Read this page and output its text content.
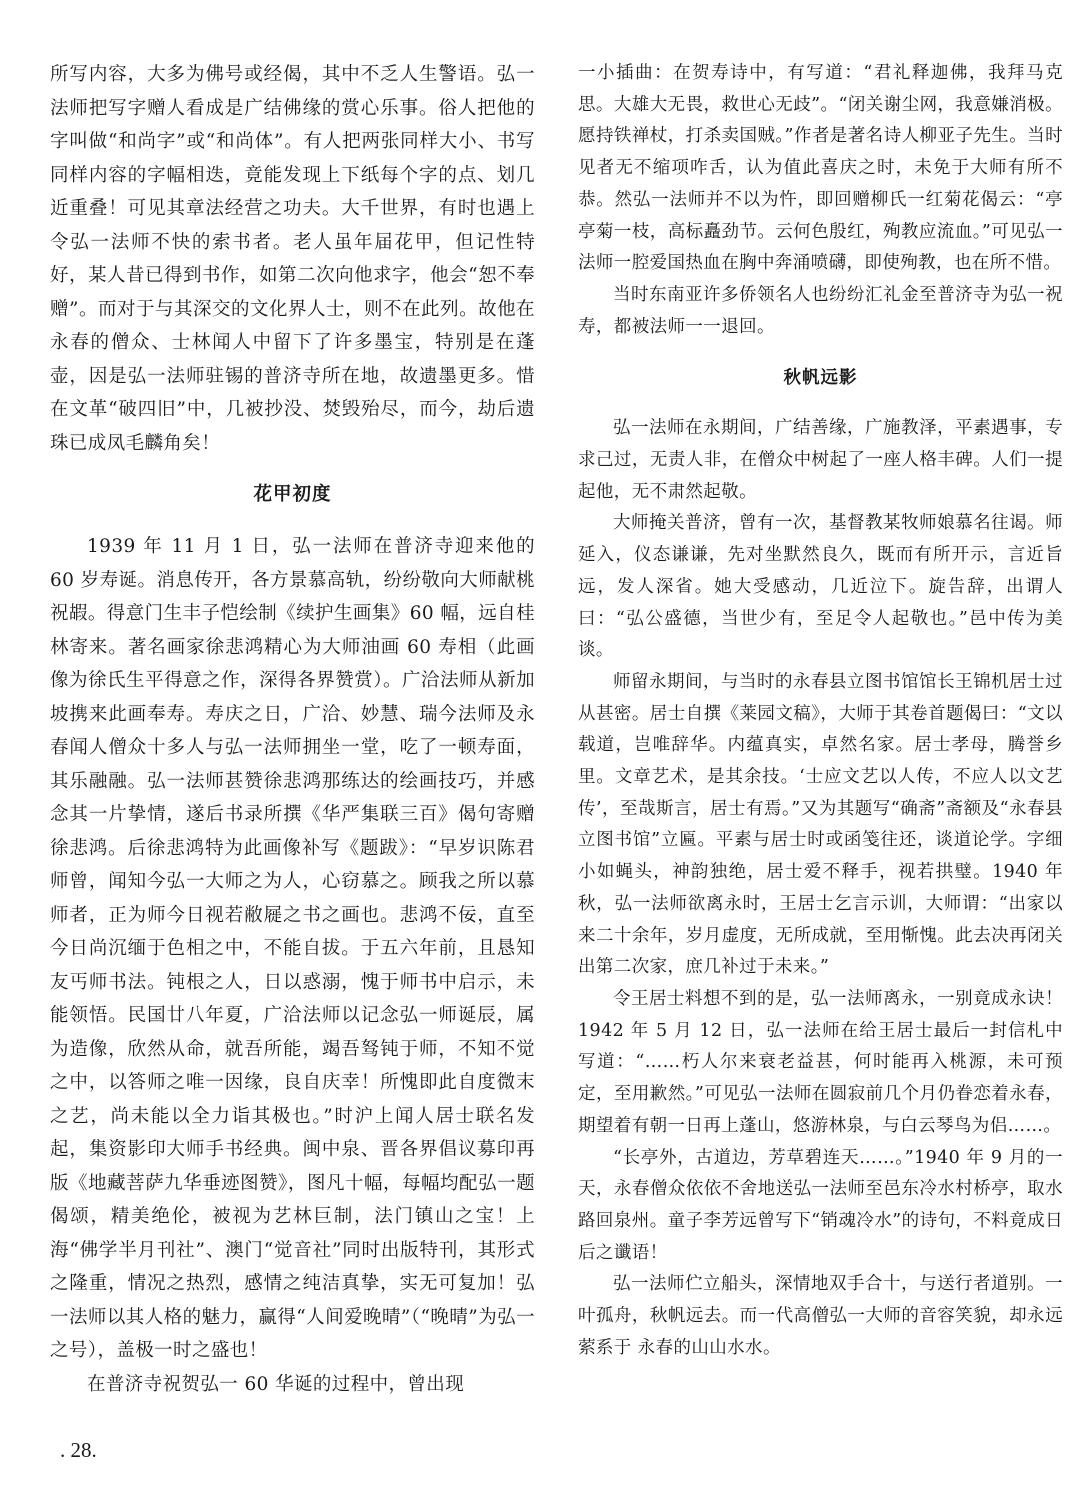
所写内容，大多为佛号或经偈，其中不乏人生警语。弘一法师把写字赠人看成是广结佛缘的赏心乐事。俗人把他的字叫做“和尚字”或“和尚体”。有人把两张同样大小、书写同样内容的字幅相迭，竟能发现上下纸每个字的点、划几近重叠！可见其章法经营之功夫。大千世界，有时也遇上令弘一法师不快的索书者。老人虽年届花甲，但记性特好，某人昔已得到书作，如第二次向他求字，他会“恕不奉赠”。而对于与其深交的文化界人士，则不在此列。故他在永春的僧众、士林闻人中留下了许多墨宝，特别是在蓬壶，因是弘一法师驻锡的普济寺所在地，故遗墨更多。惜在文革“破四旧”中，几被抄没、焚毁殆尽，而今，劫后遗珠已成凤毛麟角矣！

花甲初度

1939 年 11 月 1 日，弘一法师在普济寺迎来他的 60 岁寿诞。消息传开，各方景慕高轨，纷纷敬向大师献桃祝嘏。得意门生丰子恺绘制《续护生画集》60 幅，远自桂林寄来。著名画家徐悲鸿精心为大师油画 60 寿相（此画像为徐氏生平得意之作，深得各界赞赏）。广洽法师从新加坡携来此画奉寿。寿庆之日，广洽、妙慧、瑞今法师及永春闻人僧众十多人与弘一法师拥坐一堂，吃了一顿寿面，其乐融融。弘一法师甚赞徐悲鸿那练达的绘画技巧，并感念其一片挚情，遂后书录所撰《华严集联三百》偈句寄赠徐悲鸿。后徐悲鸿特为此画像补写《题跋》：“早岁识陈君师曾，闻知今弘一大师之为人，心窃慕之。顾我之所以慕师者，正为师今日视若敝屣之书之画也。悲鸿不佞，直至今日尚沉缅于色相之中，不能自拔。于五六年前，且恳知友丐师书法。钝根之人，日以惑溺，愧于师书中启示，未能领悟。民国廿八年夏，广洽法师以记念弘一师诞辰，属为造像，欣然从命，就吾所能，竭吾驽钝于师，不知不觉之中，以答师之唯一因缘，良自庆幸！所愧即此自度微末之艺，尚未能以全力诣其极也。”时沪上闻人居士联名发起，集资影印大师手书经典。闽中泉、晋各界倡议募印再版《地藏菩萨九华垂迹图赞》，图凡十幅，每幅均配弘一题偈颂，精美绝伦，被视为艺林巨制，法门镇山之宝！上海“佛学半月刊社”、澳门“觉音社”同时出版特刊，其形式之隆重，情况之热烈，感情之纯洁真挚，实无可复加！弘一法师以其人格的魅力，赢得“人间爱晚晴”（“晚晴”为弘一之号），盖极一时之盛也！

在普济寺祝贺弘一 60 华诞的过程中，曾出现

一小插曲：在贺寿诗中，有写道：“君礼释迦佛，我拜马克思。大雄大无畏，救世心无歧”。“闭关谢尘网，我意嫌消极。愿持铁禅杖，打杀卖国贼。”作者是著名诗人柳亚子先生。当时见者无不缩项咋舌，认为值此喜庆之时，未免于大师有所不恭。然弘一法师并不以为忤，即回赠柳氏一红菊花偈云：“亭亭菊一枝，高标矗劲节。云何色殷红，殉教应流血。”可见弘一法师一腔爱国热血在胸中奔涌喷礴，即使殉教，也在所不惜。

当时东南亚许多侨领名人也纷纷汇礼金至普济寺为弘一祝寿，都被法师一一退回。

秋帆远影

弘一法师在永期间，广结善缘，广施教泽，平素遇事，专求己过，无责人非，在僧众中树起了一座人格丰碑。人们一提起他，无不肃然起敬。

大师掩关普济，曾有一次，基督教某牧师娘慕名往谒。师延入，仪态谦谦，先对坐默然良久，既而有所开示，言近旨远，发人深省。她大受感动，几近泣下。旋告辞，出谓人曰：“弘公盛德，当世少有，至足令人起敬也。”邑中传为美谈。

师留永期间，与当时的永春县立图书馆馆长王锦机居士过从甚密。居士自撰《莱园文稿》，大师于其卷首题偈曰：“文以载道，岂唯辞华。内蕴真实，卓然名家。居士孝母，腾誉乡里。文章艺术，是其余技。‘士应文艺以人传，不应人以文艺传’，至哉斯言，居士有焉。”又为其题写“确斋”斋额及“永春县立图书馆”立匾。平素与居士时或函笺往还，谈道论学。字细小如蝇头，神韵独绝，居士爱不释手，视若拱璧。1940 年秋，弘一法师欲离永时，王居士乞言示训，大师谓：“出家以来二十余年，岁月虚度，无所成就，至用惭愧。此去决再闭关出第二次家，庶几补过于未来。”

令王居士料想不到的是，弘一法师离永，一别竟成永诀！1942 年 5 月 12 日，弘一法师在给王居士最后一封信札中写道：“……朽人尔来衰老益甚，何时能再入桃源，未可预定，至用歉然。”可见弘一法师在圆寂前几个月仍眷恋着永春，期望着有朝一日再上蓬山，悠游林泉，与白云琴鸟为侣……。

“长亭外，古道边，芳草碧连天……。”1940 年 9 月的一天，永春僧众依依不舍地送弘一法师至邑东冷水村桥亭，取水路回泉州。童子李芳远曾写下“销魂冷水”的诗句，不料竟成日后之谶语！

弘一法师伫立船头，深情地双手合十，与送行者道别。一叶孤舟，秋帆远去。而一代高僧弘一大师的音容笑貌，却永远萦系于 永春的山山水水。

. 28.
